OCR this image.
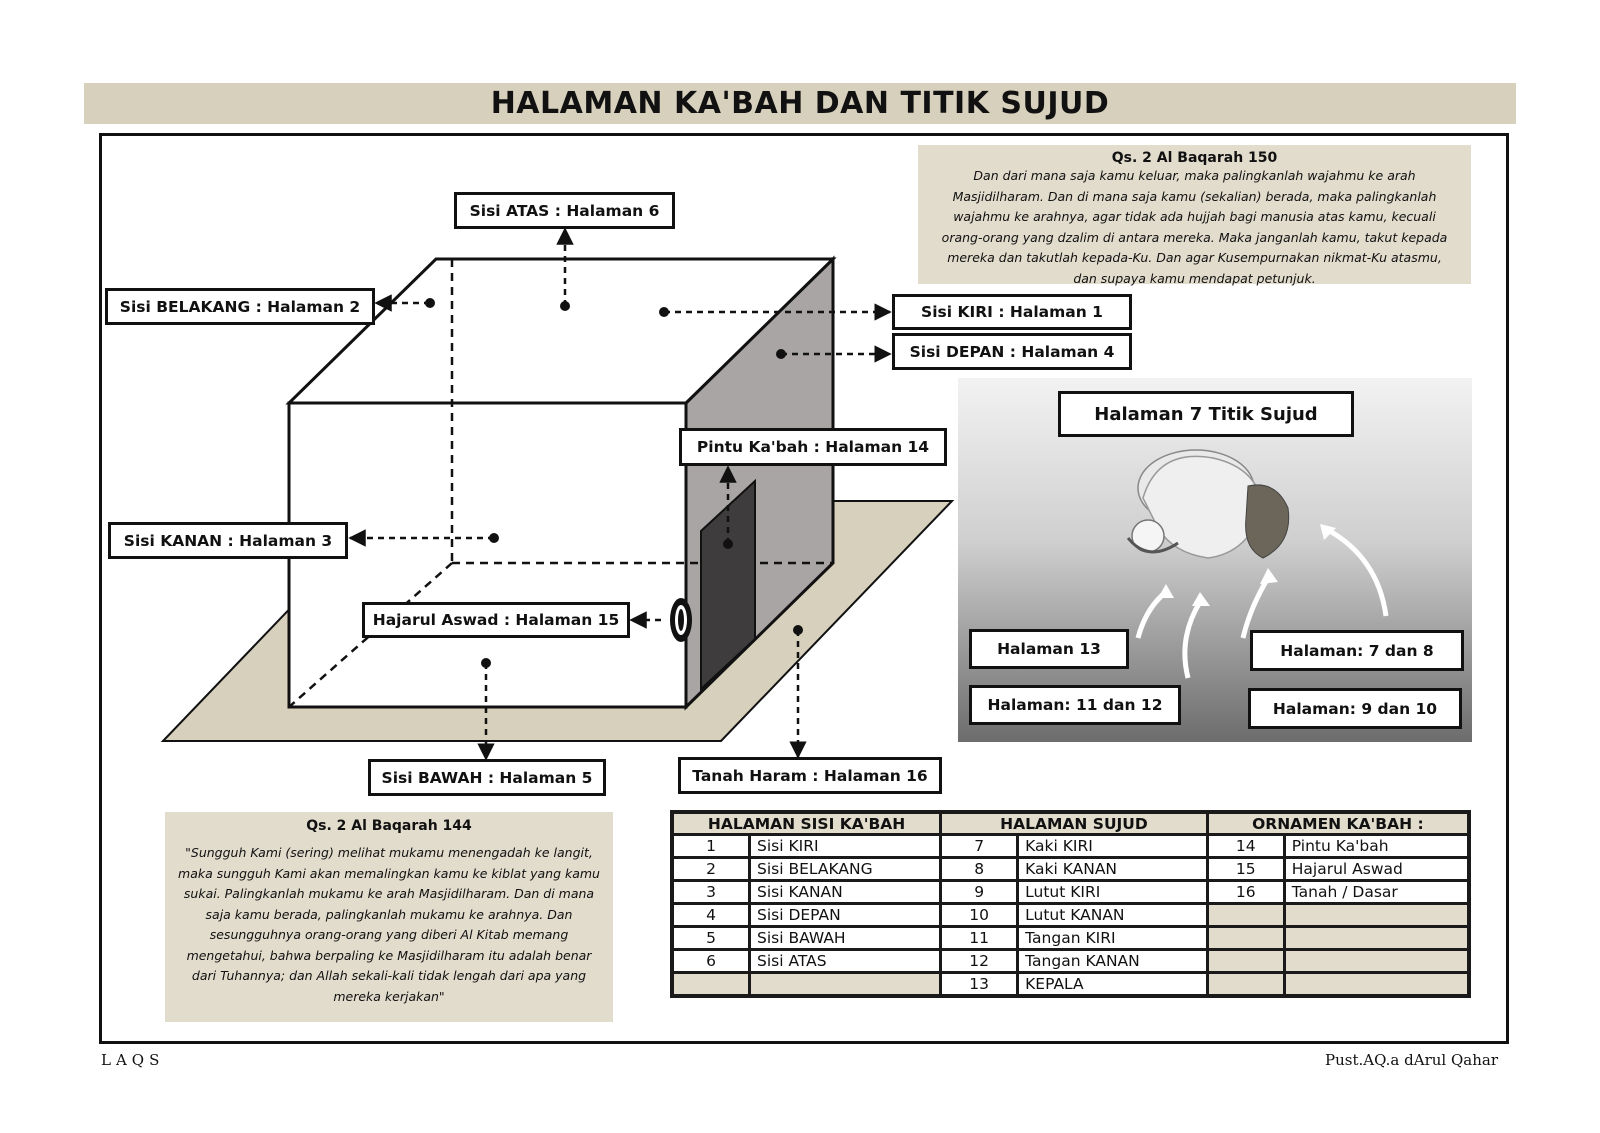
HALAMAN KA'BAH DAN TITIK SUJUD
Sisi ATAS : Halaman 6
Sisi BELAKANG : Halaman 2	Sisi KIRI : Halaman 1
Sisi DEPAN : Halaman 4
Pintu Ka'bah : Halaman 14
Sisi KANAN : Halaman 3
Hajarul Aswad : Halaman 15
Sisi BAWAH : Halaman 5	Tanah Haram : Halaman 16
Qs. 2 Al Baqarah 150
Dan dari mana saja kamu keluar, maka palingkanlah wajahmu ke arah
Masjidilharam. Dan di mana saja kamu (sekalian) berada, maka palingkanlah
wajahmu ke arahnya, agar tidak ada hujjah bagi manusia atas kamu, kecuali
orang-orang yang dzalim di antara mereka. Maka janganlah kamu, takut kepada
mereka dan takutlah kepada-Ku. Dan agar Kusempurnakan nikmat-Ku atasmu,
dan supaya kamu mendapat petunjuk.
Halaman 7 Titik Sujud
Halaman 13
Halaman: 11 dan 12
Halaman: 7 dan 8
Halaman: 9 dan 10
Qs. 2 Al Baqarah 144
"Sungguh Kami (sering) melihat mukamu menengadah ke langit,
maka sungguh Kami akan memalingkan kamu ke kiblat yang kamu
sukai. Palingkanlah mukamu ke arah Masjidilharam. Dan di mana
saja kamu berada, palingkanlah mukamu ke arahnya. Dan
sesungguhnya orang-orang yang diberi Al Kitab memang
mengetahui, bahwa berpaling ke Masjidilharam itu adalah benar
dari Tuhannya; dan Allah sekali-kali tidak lengah dari apa yang
mereka kerjakan"
HALAMAN SISI KA'BAH		HALAMAN SUJUD		ORNAMEN KA'BAH :	
1	Sisi KIRI	7	Kaki KIRI	14	Pintu Ka'bah
2	Sisi BELAKANG	8	Kaki KANAN	15	Hajarul Aswad
3	Sisi KANAN	9	Lutut KIRI	16	Tanah / Dasar
4	Sisi DEPAN	10	Lutut KANAN		
5	Sisi BAWAH	11	Tangan KIRI		
6	Sisi ATAS	12	Tangan KANAN		
		13	KEPALA		
LAQS	Pust.AQ.a dArul Qahar
